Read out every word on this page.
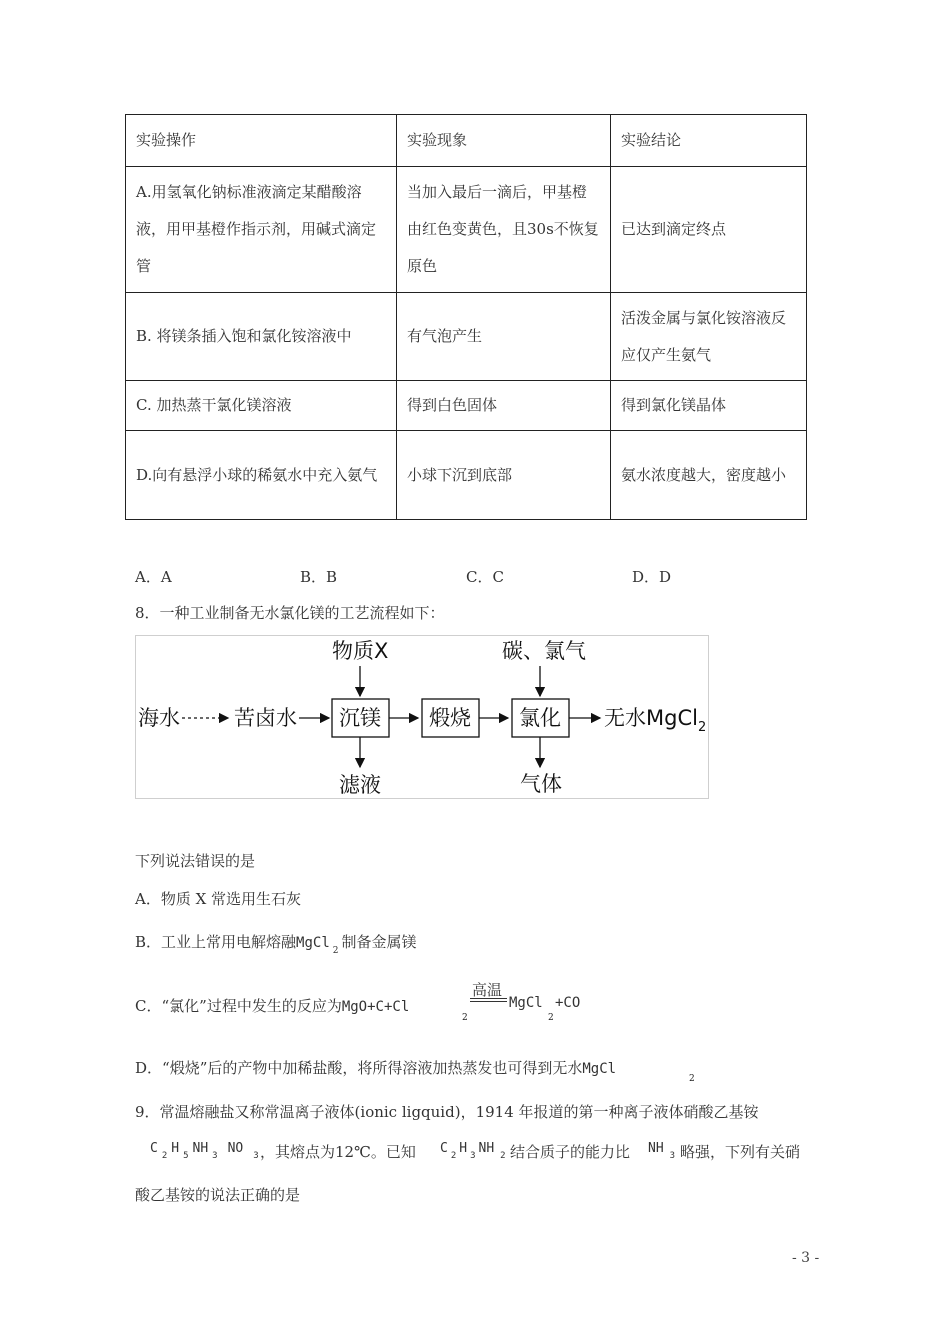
实验操作	实验现象	实验结论
A.用氢氧化钠标准液滴定某醋酸溶液，用甲基橙作指示剂，用碱式滴定管	当加入最后一滴后，甲基橙由红色变黄色，且30s不恢复原色	已达到滴定终点
B. 将镁条插入饱和氯化铵溶液中	有气泡产生	活泼金属与氯化铵溶液反应仅产生氨气
C. 加热蒸干氯化镁溶液	得到白色固体	得到氯化镁晶体
D.向有悬浮小球的稀氨水中充入氨气	小球下沉到底部	氨水浓度越大，密度越小
A．A	B．B	C．C	D．D
8．一种工业制备无水氯化镁的工艺流程如下：
海水	苦卤水 沉镁 煅烧 氯化 无水MgCl$_2$
物质X	碳、氯气
滤液	气体
下列说法错误的是
A．物质 X 常选用生石灰
B．工业上常用电解熔融MgCl $_2$ 制备金属镁
C．“氯化”过程中发生的反应为MgO+C+Cl
2
高温
MgCl
2
+CO
D．“煅烧”后的产物中加稀盐酸，将所得溶液加热蒸发也可得到无水MgCl
2
9．常温熔融盐又称常温离子液体(ionic ligquid)，1914 年报道的第一种离子液体硝酸乙基铵
C $_2$ H $_5$ NH $_3$ NO $_3$ ，其熔点为12℃。已知 C $_2$ H $_3$ NH $_2$ 结合质子的能力比 NH $_3$ 略强，下列有关硝
酸乙基铵的说法正确的是
- 3 -
